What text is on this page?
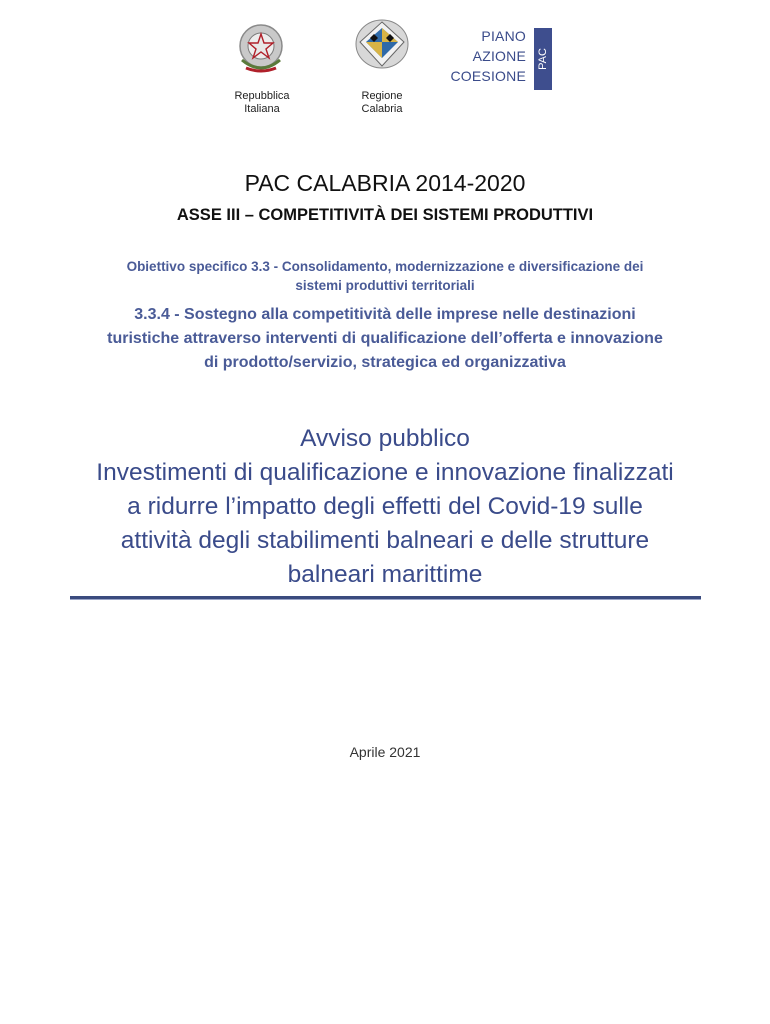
Repubblica
Italiana
Regione
Calabria
PIANO
AZIONE
COESIONE
PAC
PAC CALABRIA 2014-2020
ASSE III – COMPETITIVITÀ DEI SISTEMI PRODUTTIVI
Obiettivo specifico 3.3 - Consolidamento, modernizzazione e diversificazione dei
sistemi produttivi territoriali
3.3.4 - Sostegno alla competitività delle imprese nelle destinazioni
turistiche attraverso interventi di qualificazione dell’offerta e innovazione
di prodotto/servizio, strategica ed organizzativa
Avviso pubblico
Investimenti di qualificazione e innovazione finalizzati
a ridurre l’impatto degli effetti del Covid-19 sulle
attività degli stabilimenti balneari e delle strutture
balneari marittime
Aprile 2021
